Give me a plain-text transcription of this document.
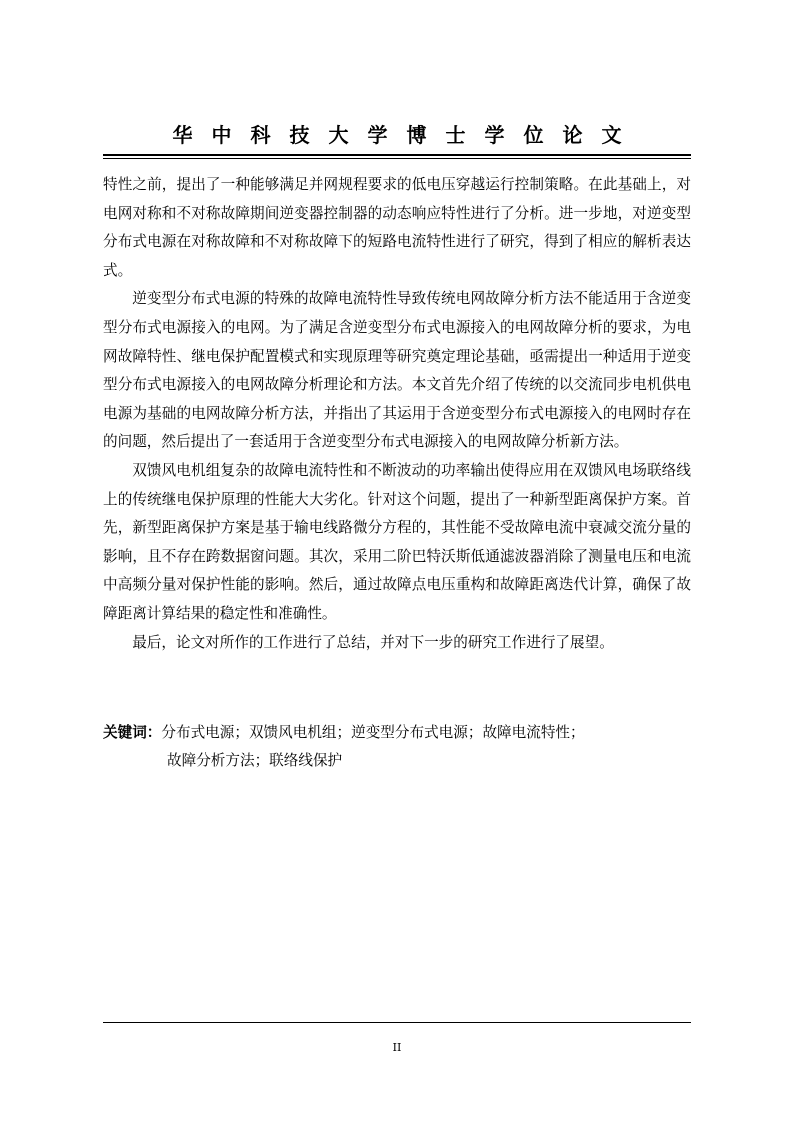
华中科技大学博士学位论文

特性之前，提出了一种能够满足并网规程要求的低电压穿越运行控制策略。在此基础上，对电网对称和不对称故障期间逆变器控制器的动态响应特性进行了分析。进一步地，对逆变型分布式电源在对称故障和不对称故障下的短路电流特性进行了研究，得到了相应的解析表达式。

逆变型分布式电源的特殊的故障电流特性导致传统电网故障分析方法不能适用于含逆变型分布式电源接入的电网。为了满足含逆变型分布式电源接入的电网故障分析的要求，为电网故障特性、继电保护配置模式和实现原理等研究奠定理论基础，亟需提出一种适用于逆变型分布式电源接入的电网故障分析理论和方法。本文首先介绍了传统的以交流同步电机供电电源为基础的电网故障分析方法，并指出了其运用于含逆变型分布式电源接入的电网时存在的问题，然后提出了一套适用于含逆变型分布式电源接入的电网故障分析新方法。

双馈风电机组复杂的故障电流特性和不断波动的功率输出使得应用在双馈风电场联络线上的传统继电保护原理的性能大大劣化。针对这个问题，提出了一种新型距离保护方案。首先，新型距离保护方案是基于输电线路微分方程的，其性能不受故障电流中衰减交流分量的影响，且不存在跨数据窗问题。其次，采用二阶巴特沃斯低通滤波器消除了测量电压和电流中高频分量对保护性能的影响。然后，通过故障点电压重构和故障距离迭代计算，确保了故障距离计算结果的稳定性和准确性。

最后，论文对所作的工作进行了总结，并对下一步的研究工作进行了展望。

关键词：分布式电源；双馈风电机组；逆变型分布式电源；故障电流特性；
故障分析方法；联络线保护
II
